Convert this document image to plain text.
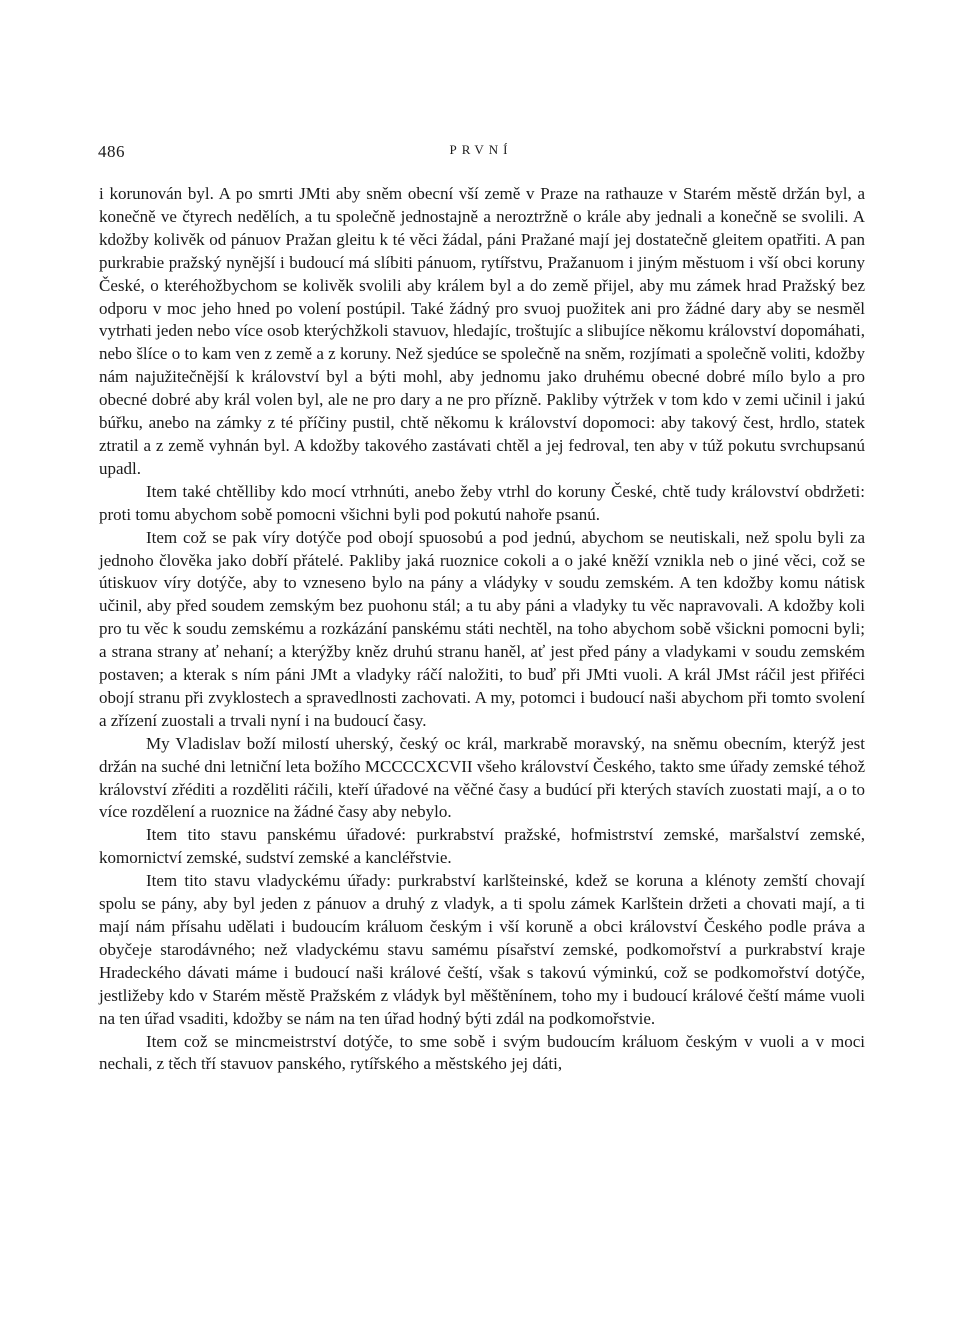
486	PRVNÍ

i korunován byl. A po smrti JMti aby sněm obecní vší země v Praze na rathauze v Starém městě držán byl, a konečně ve čtyrech nedělích, a tu společně jednostajně a neroztržně o krále aby jednali a konečně se svolili. A kdožby kolivěk od pánuov Pražan gleitu k té věci žádal, páni Pražané mají jej dostatečně gleitem opatřiti. A pan purkrabie pražský nynější i budoucí má slíbiti pánuom, rytířstvu, Pražanuom i jiným městuom i vší obci koruny České, o kteréhožbychom se kolivěk svolili aby králem byl a do země přijel, aby mu zámek hrad Pražský bez odporu v moc jeho hned po volení postúpil. Také žádný pro svuoj puožitek ani pro žádné dary aby se nesměl vytrhati jeden nebo více osob kterýchžkoli stavuov, hledajíc, troštujíc a slibujíce někomu království dopomáhati, nebo šlíce o to kam ven z země a z koruny. Než sjedúce se společně na sněm, rozjímati a společně voliti, kdožby nám najužitečnější k království byl a býti mohl, aby jednomu jako druhému obecné dobré mílo bylo a pro obecné dobré aby král volen byl, ale ne pro dary a ne pro přízně. Pakliby výtržek v tom kdo v zemi učinil i jakú búřku, anebo na zámky z té příčiny pustil, chtě někomu k království dopomoci: aby takový čest, hrdlo, statek ztratil a z země vyhnán byl. A kdožby takového zastávati chtěl a jej fedroval, ten aby v túž pokutu svrchupsanú upadl.

Item také chtělliby kdo mocí vtrhnúti, anebo žeby vtrhl do koruny České, chtě tudy království obdržeti: proti tomu abychom sobě pomocni všichni byli pod pokutú nahoře psanú.

Item což se pak víry dotýče pod obojí spuosobú a pod jednú, abychom se neutiskali, než spolu byli za jednoho člověka jako dobří přátelé. Pakliby jaká ruoznice cokoli a o jaké kněží vznikla neb o jiné věci, což se útiskuov víry dotýče, aby to vzneseno bylo na pány a vládyky v soudu zemském. A ten kdožby komu nátisk učinil, aby před soudem zemským bez puohonu stál; a tu aby páni a vladyky tu věc napravovali. A kdožby koli pro tu věc k soudu zemskému a rozkázání panskému státi nechtěl, na toho abychom sobě všickni pomocni byli; a strana strany ať nehaní; a kterýžby kněz druhú stranu haněl, ať jest před pány a vladykami v soudu zemském postaven; a kterak s ním páni JMt a vladyky ráčí naložiti, to buď při JMti vuoli. A král JMst ráčil jest přiřéci obojí stranu při zvyklostech a spravedlnosti zachovati. A my, potomci i budoucí naši abychom při tomto svolení a zřízení zuostali a trvali nyní i na budoucí časy.

My Vladislav boží milostí uherský, český oc král, markrabě moravský, na sněmu obecním, kterýž jest držán na suché dni letniční leta božího MCCCCXCVII všeho království Českého, takto sme úřady zemské téhož království zřéditi a rozděliti ráčili, kteří úřadové na věčné časy a budúcí při kterých stavích zuostati mají, a o to více rozdělení a ruoznice na žádné časy aby nebylo.

Item tito stavu panskému úřadové: purkrabství pražské, hofmistrství zemské, maršalství zemské, komornictví zemské, sudství zemské a kancléřstvie.

Item tito stavu vladyckému úřady: purkrabství karlšteinské, kdež se koruna a klénoty zemští chovají spolu se pány, aby byl jeden z pánuov a druhý z vladyk, a ti spolu zámek Karlštein držeti a chovati mají, a ti mají nám přísahu udělati i budoucím králuom českým i vší koruně a obci království Českého podle práva a obyčeje starodávného; než vladyckému stavu samému písařství zemské, podkomořství a purkrabství kraje Hradeckého dávati máme i budoucí naši králové čeští, však s takovú výminkú, což se podkomořství dotýče, jestližeby kdo v Starém městě Pražském z vládyk byl měštěnínem, toho my i budoucí králové čeští máme vuoli na ten úřad vsaditi, kdožby se nám na ten úřad hodný býti zdál na podkomořstvie.

Item což se mincmeistrství dotýče, to sme sobě i svým budoucím králuom českým v vuoli a v moci nechali, z těch tří stavuov panského, rytířského a městského jej dáti,
